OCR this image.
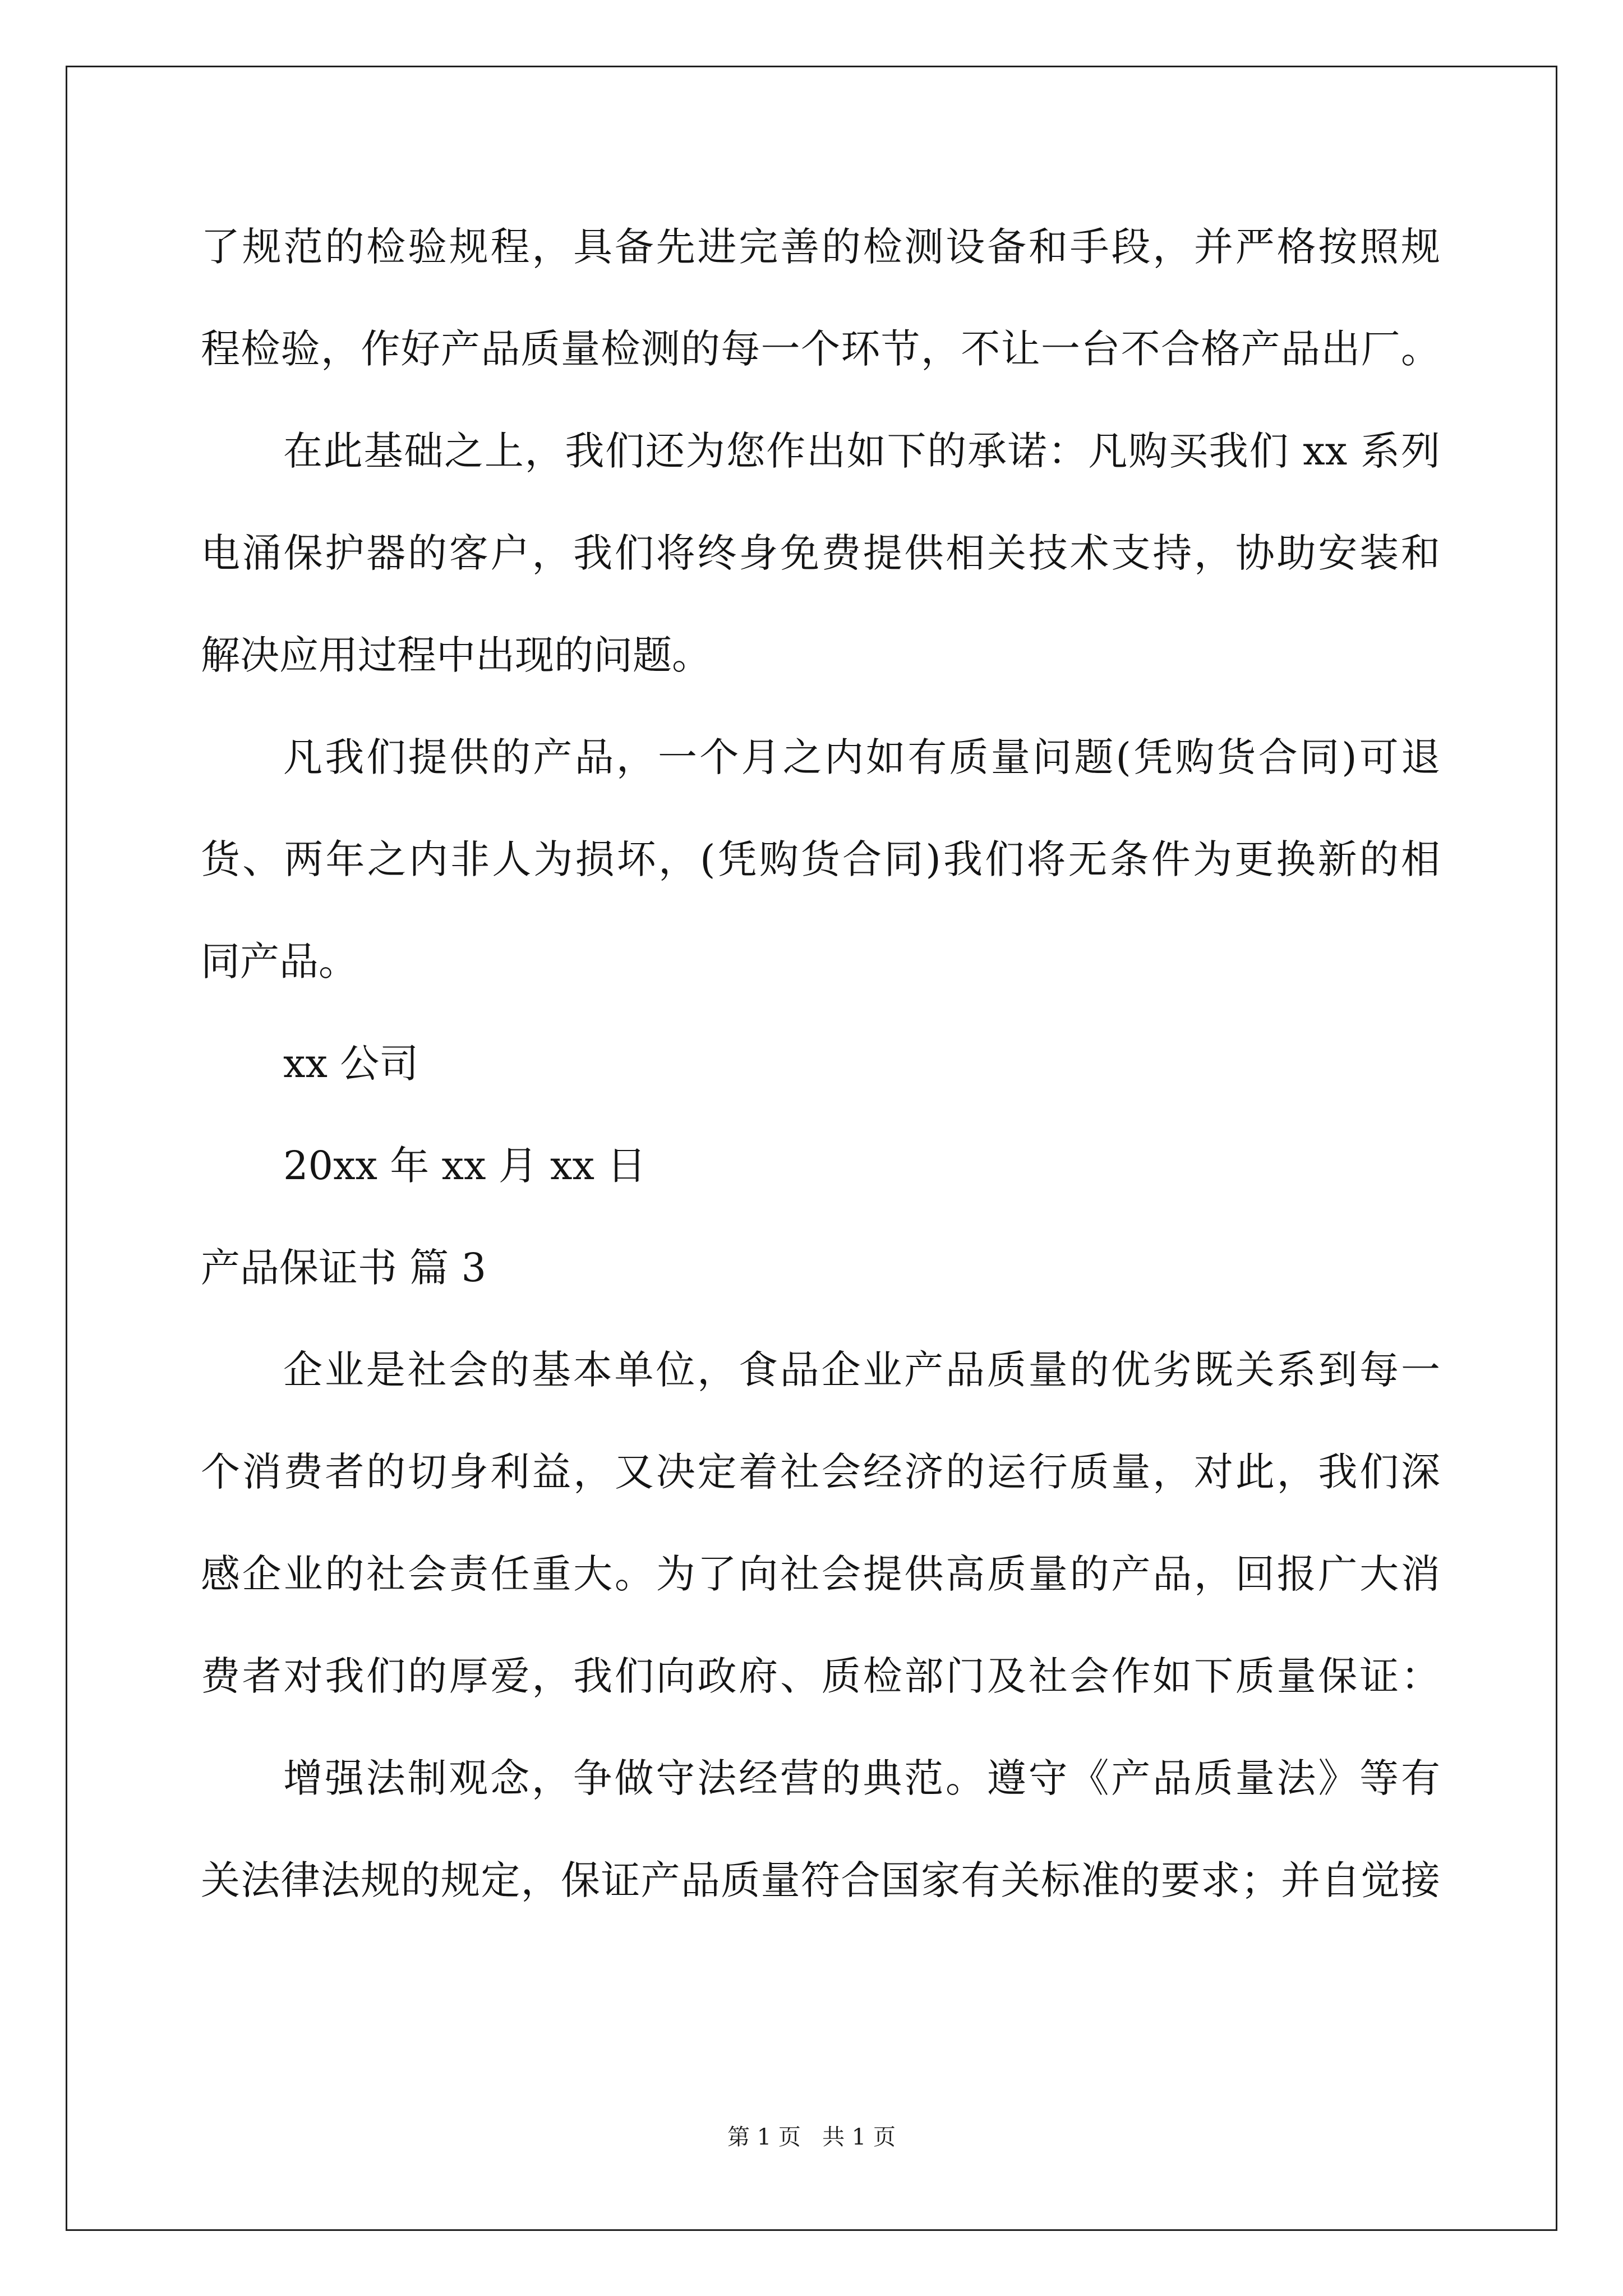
了规范的检验规程，具备先进完善的检测设备和手段，并严格按照规
程检验，作好产品质量检测的每一个环节，不让一台不合格产品出厂。
在此基础之上，我们还为您作出如下的承诺：凡购买我们 xx 系列
电涌保护器的客户，我们将终身免费提供相关技术支持，协助安装和
解决应用过程中出现的问题。
凡我们提供的产品，一个月之内如有质量问题(凭购货合同)可退
货、两年之内非人为损坏，(凭购货合同)我们将无条件为更换新的相
同产品。
xx 公司
20xx 年 xx 月 xx 日
产品保证书 篇 3
企业是社会的基本单位，食品企业产品质量的优劣既关系到每一
个消费者的切身利益，又决定着社会经济的运行质量，对此，我们深
感企业的社会责任重大。为了向社会提供高质量的产品，回报广大消
费者对我们的厚爱，我们向政府、质检部门及社会作如下质量保证：
增强法制观念，争做守法经营的典范。遵守《产品质量法》等有
关法律法规的规定，保证产品质量符合国家有关标准的要求；并自觉接
第 1 页   共 1 页
